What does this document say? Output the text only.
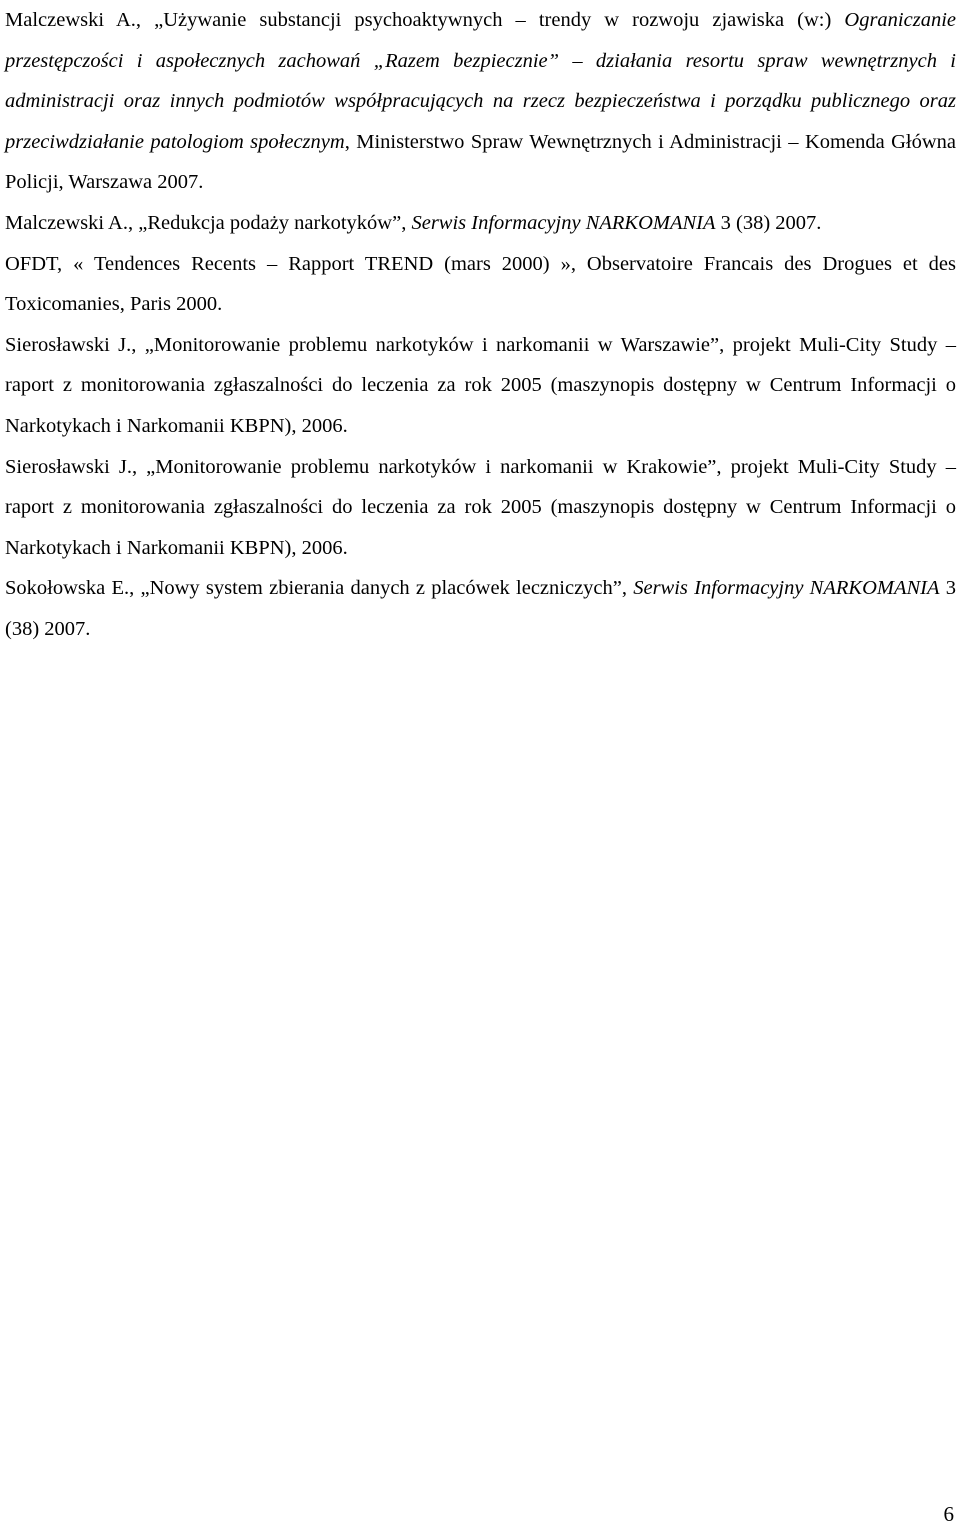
Malczewski A., „Używanie substancji psychoaktywnych – trendy w rozwoju zjawiska (w:) Ograniczanie przestępczości i aspołecznych zachowań „Razem bezpiecznie” – działania resortu spraw wewnętrznych i administracji oraz innych podmiotów współpracujących na rzecz bezpieczeństwa i porządku publicznego oraz przeciwdziałanie patologiom społecznym, Ministerstwo Spraw Wewnętrznych i Administracji – Komenda Główna Policji, Warszawa 2007.

Malczewski A., „Redukcja podaży narkotyków”, Serwis Informacyjny NARKOMANIA 3 (38) 2007.

OFDT, « Tendences Recents – Rapport TREND (mars 2000) », Observatoire Francais des Drogues et des Toxicomanies, Paris 2000.

Sierosławski J., „Monitorowanie problemu narkotyków i narkomanii w Warszawie”, projekt Muli-City Study – raport z monitorowania zgłaszalności do leczenia za rok 2005 (maszynopis dostępny w Centrum Informacji o Narkotykach i Narkomanii KBPN), 2006.

Sierosławski J., „Monitorowanie problemu narkotyków i narkomanii w Krakowie”, projekt Muli-City Study – raport z monitorowania zgłaszalności do leczenia za rok 2005 (maszynopis dostępny w Centrum Informacji o Narkotykach i Narkomanii KBPN), 2006.

Sokołowska E., „Nowy system zbierania danych z placówek leczniczych”, Serwis Informacyjny NARKOMANIA 3 (38) 2007.

6
